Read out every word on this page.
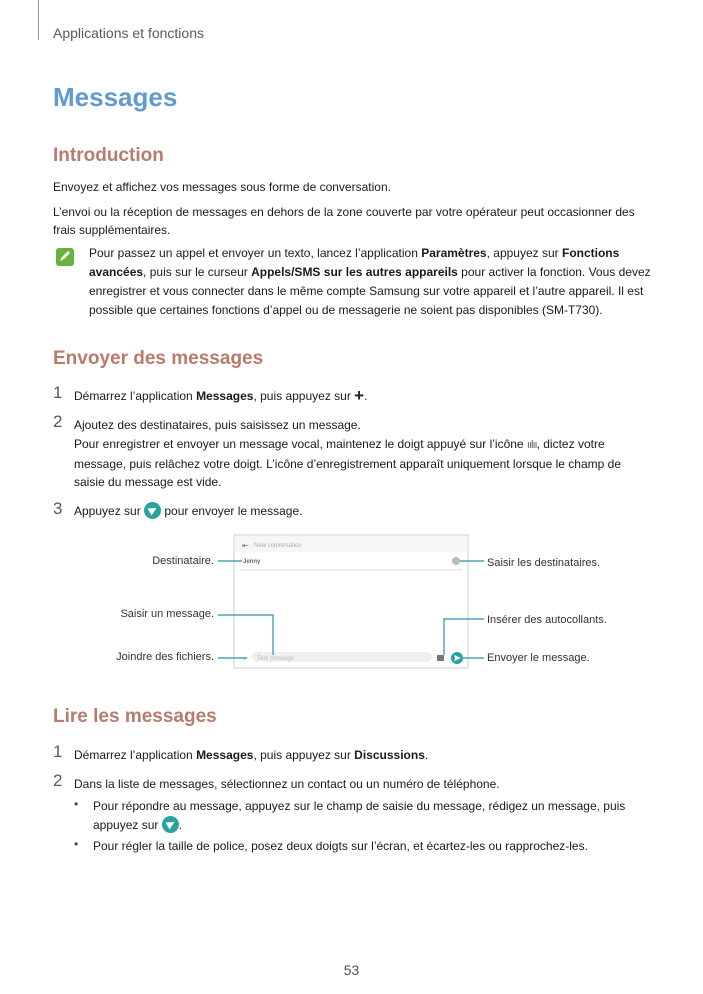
Applications et fonctions
Messages
Introduction
Envoyez et affichez vos messages sous forme de conversation.
L’envoi ou la réception de messages en dehors de la zone couverte par votre opérateur peut occasionner des frais supplémentaires.
Pour passez un appel et envoyer un texto, lancez l’application Paramètres, appuyez sur Fonctions avancées, puis sur le curseur Appels/SMS sur les autres appareils pour activer la fonction. Vous devez enregistrer et vous connecter dans le même compte Samsung sur votre appareil et l’autre appareil. Il est possible que certaines fonctions d’appel ou de messagerie ne soient pas disponibles (SM-T730).
Envoyer des messages
1 Démarrez l’application Messages, puis appuyez sur +.
2 Ajoutez des destinataires, puis saisissez un message.
Pour enregistrer et envoyer un message vocal, maintenez le doigt appuyé sur l’icône ıılıı, dictez votre message, puis relâchez votre doigt. L’icône d’enregistrement apparaît uniquement lorsque le champ de saisie du message est vide.
3 Appuyez sur  pour envoyer le message.
⇤ New conversation
Jenny
Text message
›
Destinataire.
Saisir un message.
Joindre des fichiers.
Saisir les destinataires.
Insérer des autocollants.
Envoyer le message.
Lire les messages
1 Démarrez l’application Messages, puis appuyez sur Discussions.
2 Dans la liste de messages, sélectionnez un contact ou un numéro de téléphone.
• Pour répondre au message, appuyez sur le champ de saisie du message, rédigez un message, puis appuyez sur .
• Pour régler la taille de police, posez deux doigts sur l’écran, et écartez-les ou rapprochez-les.
53
